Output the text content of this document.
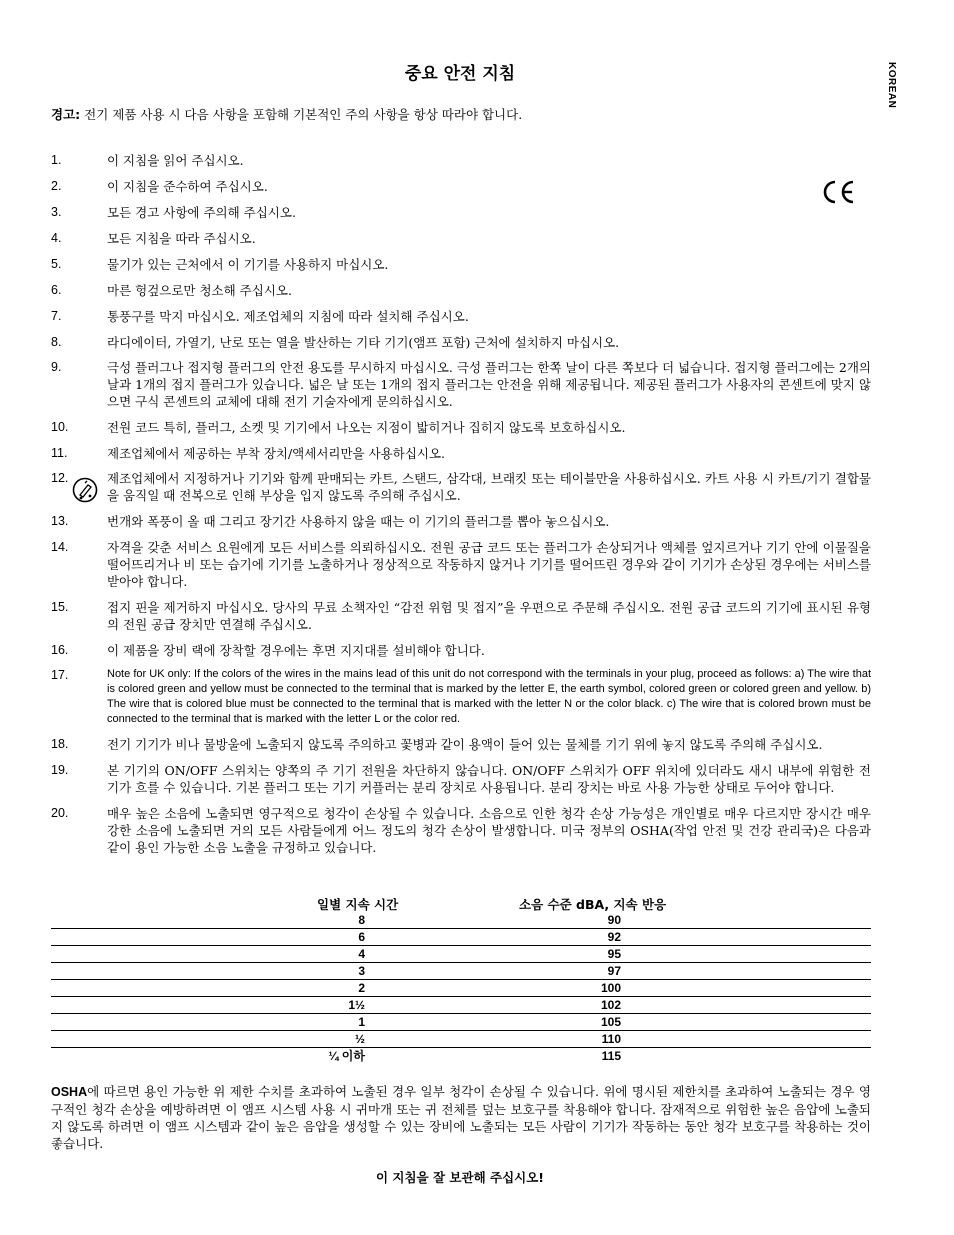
KOREAN
중요 안전 지침
경고: 전기 제품 사용 시 다음 사항을 포함해 기본적인 주의 사항을 항상 따라야 합니다.
1.	이 지침을 읽어 주십시오.
2.	이 지침을 준수하여 주십시오.
3.	모든 경고 사항에 주의해 주십시오.
4.	모든 지침을 따라 주십시오.
5.	물기가 있는 근처에서 이 기기를 사용하지 마십시오.
6.	마른 헝겊으로만 청소해 주십시오.
7.	통풍구를 막지 마십시오. 제조업체의 지침에 따라 설치해 주십시오.
8.	라디에이터, 가열기, 난로 또는 열을 발산하는 기타 기기(앰프 포함) 근처에 설치하지 마십시오.
9.	극성 플러그나 접지형 플러그의 안전 용도를 무시하지 마십시오. 극성 플러그는 한쪽 날이 다른 쪽보다 더 넓습니다. 접지형 플러그에는 2개의 날과 1개의 접지 플러그가 있습니다. 넓은 날 또는 1개의 접지 플러그는 안전을 위해 제공됩니다. 제공된 플러그가 사용자의 콘센트에 맞지 않으면 구식 콘센트의 교체에 대해 전기 기술자에게 문의하십시오.
10.	전원 코드 특히, 플러그, 소켓 및 기기에서 나오는 지점이 밟히거나 집히지 않도록 보호하십시오.
11.	제조업체에서 제공하는 부착 장치/액세서리만을 사용하십시오.
12.	제조업체에서 지정하거나 기기와 함께 판매되는 카트, 스탠드, 삼각대, 브래킷 또는 테이블만을 사용하십시오. 카트 사용 시 카트/기기 결합물을 움직일 때 전복으로 인해 부상을 입지 않도록 주의해 주십시오.
13.	번개와 폭풍이 올 때 그리고 장기간 사용하지 않을 때는 이 기기의 플러그를 뽑아 놓으십시오.
14.	자격을 갖춘 서비스 요원에게 모든 서비스를 의뢰하십시오. 전원 공급 코드 또는 플러그가 손상되거나 액체를 엎지르거나 기기 안에 이물질을 떨어뜨리거나 비 또는 습기에 기기를 노출하거나 정상적으로 작동하지 않거나 기기를 떨어뜨린 경우와 같이 기기가 손상된 경우에는 서비스를 받아야 합니다.
15.	접지 핀을 제거하지 마십시오. 당사의 무료 소책자인 “감전 위험 및 접지”을 우편으로 주문해 주십시오. 전원 공급 코드의 기기에 표시된 유형의 전원 공급 장치만 연결해 주십시오.
16.	이 제품을 장비 랙에 장착할 경우에는 후면 지지대를 설비해야 합니다.
17.	Note for UK only: If the colors of the wires in the mains lead of this unit do not correspond with the terminals in your plug, proceed as follows: a) The wire that is colored green and yellow must be connected to the terminal that is marked by the letter E, the earth symbol, colored green or colored green and yellow. b) The wire that is colored blue must be connected to the terminal that is marked with the letter N or the color black. c) The wire that is colored brown must be connected to the terminal that is marked with the letter L or the color red.
18.	전기 기기가 비나 물방울에 노출되지 않도록 주의하고 꽃병과 같이 용액이 들어 있는 물체를 기기 위에 놓지 않도록 주의해 주십시오.
19.	본 기기의 ON/OFF 스위치는 양쪽의 주 기기 전원을 차단하지 않습니다. ON/OFF 스위치가 OFF 위치에 있더라도 새시 내부에 위험한 전기가 흐를 수 있습니다. 기본 플러그 또는 기기 커플러는 분리 장치로 사용됩니다. 분리 장치는 바로 사용 가능한 상태로 두어야 합니다.
20.	매우 높은 소음에 노출되면 영구적으로 청각이 손상될 수 있습니다. 소음으로 인한 청각 손상 가능성은 개인별로 매우 다르지만 장시간 매우 강한 소음에 노출되면 거의 모든 사람들에게 어느 정도의 청각 손상이 발생합니다. 미국 정부의 OSHA(작업 안전 및 건강 관리국)은 다음과 같이 용인 가능한 소음 노출을 규정하고 있습니다.
일별 지속 시간	소음 수준 dBA, 지속 반응
8	90
6	92
4	95
3	97
2	100
1½	102
1	105
½	110
¼ 이하	115
OSHA에 따르면 용인 가능한 위 제한 수치를 초과하여 노출된 경우 일부 청각이 손상될 수 있습니다. 위에 명시된 제한치를 초과하여 노출되는 경우 영구적인 청각 손상을 예방하려면 이 앰프 시스템 사용 시 귀마개 또는 귀 전체를 덮는 보호구를 착용해야 합니다. 잠재적으로 위험한 높은 음압에 노출되지 않도록 하려면 이 앰프 시스템과 같이 높은 음압을 생성할 수 있는 장비에 노출되는 모든 사람이 기기가 작동하는 동안 청각 보호구를 착용하는 것이 좋습니다.
이 지침을 잘 보관해 주십시오!
